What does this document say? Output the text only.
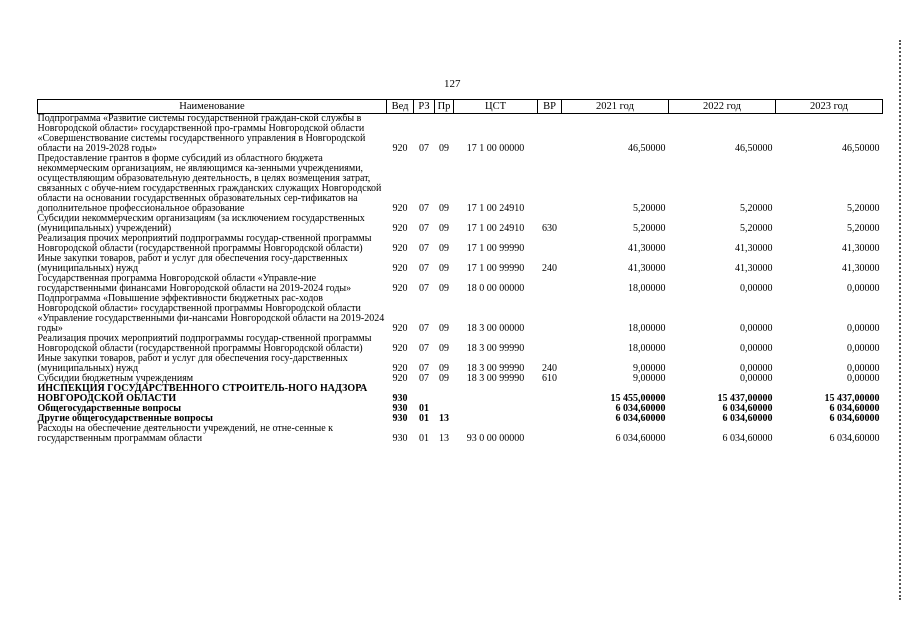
127
Наименование	Вед	РЗ	Пр	ЦСТ	ВР	2021 год	2022 год	2023 год
Подпрограмма «Развитие системы государственной граждан-ской службы в Новгородской области» государственной про-граммы Новгородской области «Совершенствование системы государственного управления в Новгородской области на 2019-2028 годы»	920	07	09	17 1 00 00000		46,50000	46,50000	46,50000
Предоставление грантов в форме субсидий из областного бюджета некоммерческим организациям, не являющимся ка-зенными учреждениями, осуществляющим образовательную деятельность, в целях возмещения затрат, связанных с обуче-нием государственных гражданских служащих Новгородской области на основании государственных образовательных сер-тификатов на дополнительное профессиональное образование	920	07	09	17 1 00 24910		5,20000	5,20000	5,20000
Субсидии некоммерческим организациям (за исключением государственных (муниципальных) учреждений)	920	07	09	17 1 00 24910	630	5,20000	5,20000	5,20000
Реализация прочих мероприятий подпрограммы государ-ственной программы Новгородской области (государственной программы Новгородской области)	920	07	09	17 1 00 99990		41,30000	41,30000	41,30000
Иные закупки товаров, работ и услуг для обеспечения госу-дарственных (муниципальных) нужд	920	07	09	17 1 00 99990	240	41,30000	41,30000	41,30000
Государственная программа Новгородской области «Управле-ние государственными финансами Новгородской области на 2019-2024 годы»	920	07	09	18 0 00 00000		18,00000	0,00000	0,00000
Подпрограмма «Повышение эффективности бюджетных рас-ходов Новгородской области» государственной программы Новгородской области «Управление государственными фи-нансами Новгородской области на 2019-2024 годы»	920	07	09	18 3 00 00000		18,00000	0,00000	0,00000
Реализация прочих мероприятий подпрограммы государ-ственной программы Новгородской области (государственной программы Новгородской области)	920	07	09	18 3 00 99990		18,00000	0,00000	0,00000
Иные закупки товаров, работ и услуг для обеспечения госу-дарственных (муниципальных) нужд	920	07	09	18 3 00 99990	240	9,00000	0,00000	0,00000
Субсидии бюджетным учреждениям	920	07	09	18 3 00 99990	610	9,00000	0,00000	0,00000
ИНСПЕКЦИЯ ГОСУДАРСТВЕННОГО СТРОИТЕЛЬ-НОГО НАДЗОРА НОВГОРОДСКОЙ ОБЛАСТИ	930					15 455,00000	15 437,00000	15 437,00000
Общегосударственные вопросы	930	01				6 034,60000	6 034,60000	6 034,60000
Другие общегосударственные вопросы	930	01	13			6 034,60000	6 034,60000	6 034,60000
Расходы на обеспечение деятельности учреждений, не отне-сенные к государственным программам области	930	01	13	93 0 00 00000		6 034,60000	6 034,60000	6 034,60000
